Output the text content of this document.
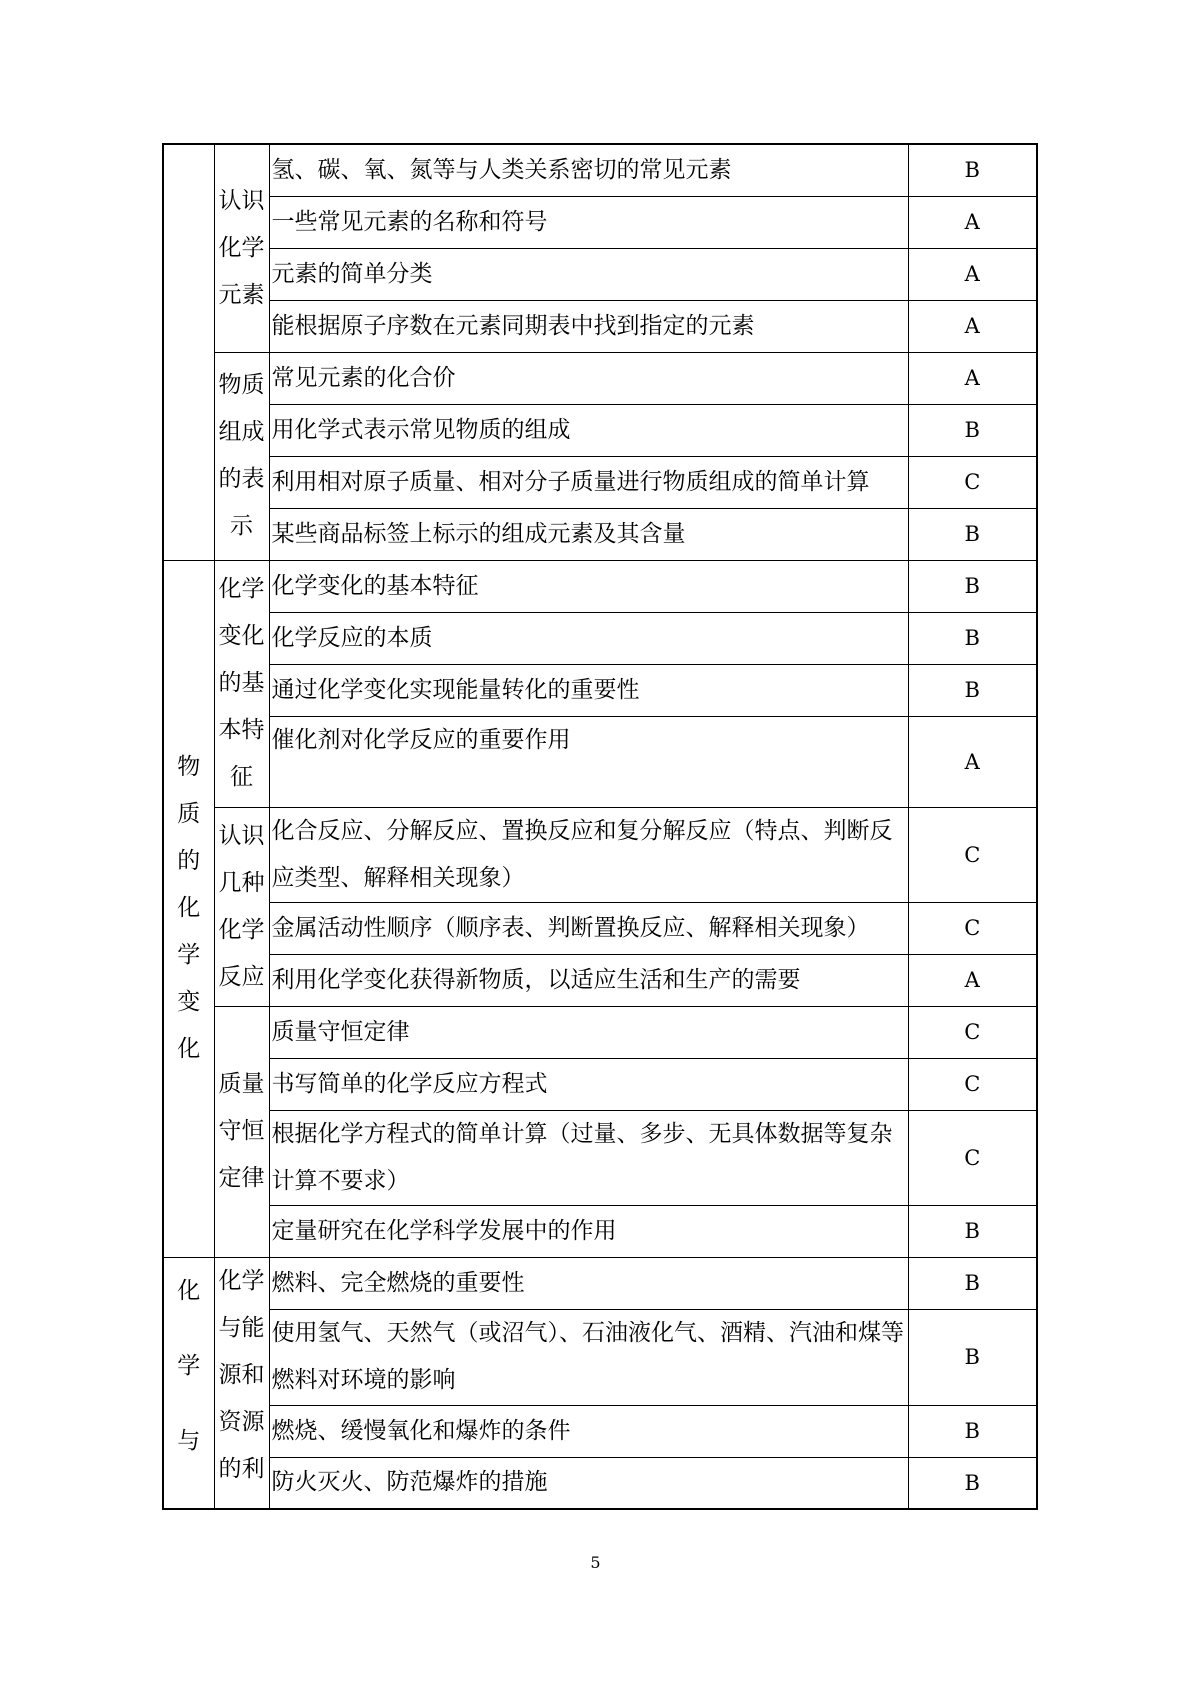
	认识化学元素	氢、碳、氧、氮等与人类关系密切的常见元素	B

		一些常见元素的名称和符号	A

		元素的简单分类	A

		能根据原子序数在元素同期表中找到指定的元素	A
	物质组成的表示	常见元素的化合价	A

		用化学式表示常见物质的组成	B

		利用相对原子质量、相对分子质量进行物质组成的简单计算	C

		某些商品标签上标示的组成元素及其含量	B
物质的化学变化	化学变化的基本特征	化学变化的基本特征	B

		化学反应的本质	B

		通过化学变化实现能量转化的重要性	B

		催化剂对化学反应的重要作用	A
	认识几种化学反应	化合反应、分解反应、置换反应和复分解反应（特点、判断反应类型、解释相关现象）	C

		金属活动性顺序（顺序表、判断置换反应、解释相关现象）	C

		利用化学变化获得新物质，以适应生活和生产的需要	A
	质量守恒定律	质量守恒定律	C

		书写简单的化学反应方程式	C

		根据化学方程式的简单计算（过量、多步、无具体数据等复杂计算不要求）	C

		定量研究在化学科学发展中的作用	B
化学与	化学与能源和资源的利	燃料、完全燃烧的重要性	B

		使用氢气、天然气（或沼气）、石油液化气、酒精、汽油和煤等燃料对环境的影响	B

		燃烧、缓慢氧化和爆炸的条件	B

		防火灭火、防范爆炸的措施	B
5
